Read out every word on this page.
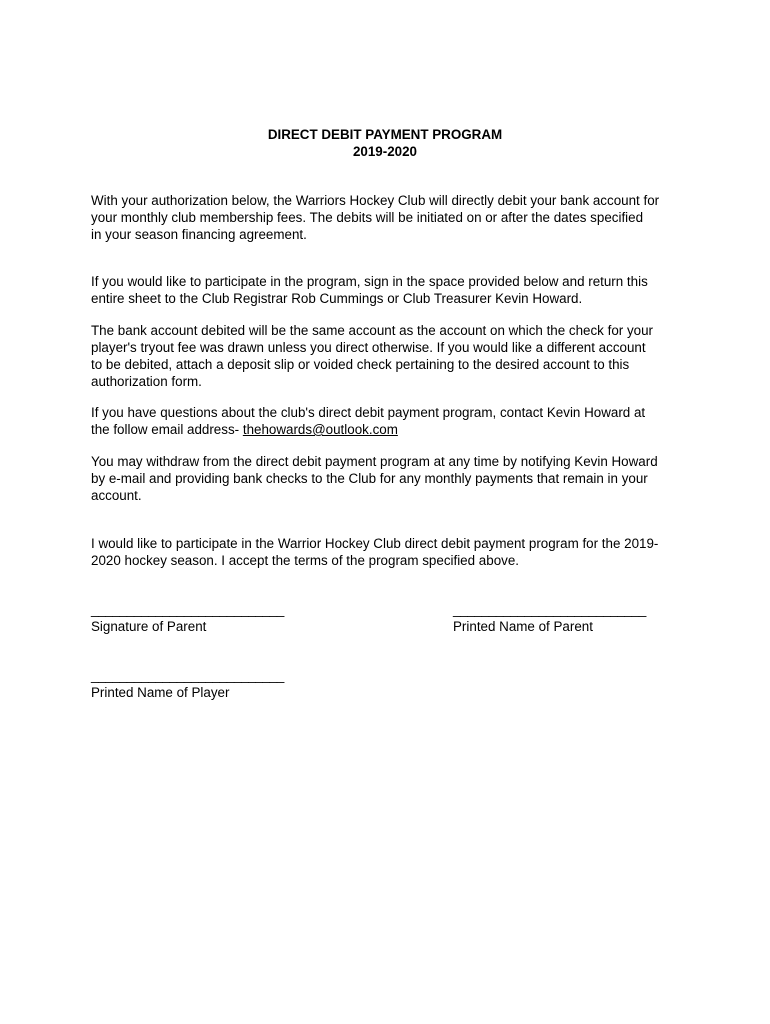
DIRECT DEBIT PAYMENT PROGRAM
2019-2020
With your authorization below, the Warriors Hockey Club will directly debit your bank account for
your monthly club membership fees. The debits will be initiated on or after the dates specified
in your season financing agreement.
If you would like to participate in the program, sign in the space provided below and return this
entire sheet to the Club Registrar Rob Cummings or Club Treasurer Kevin Howard.
The bank account debited will be the same account as the account on which the check for your
player's tryout fee was drawn unless you direct otherwise. If you would like a different account
to be debited, attach a deposit slip or voided check pertaining to the desired account to this
authorization form.
If you have questions about the club's direct debit payment program, contact Kevin Howard at
the follow email address- thehowards@outlook.com
You may withdraw from the direct debit payment program at any time by notifying Kevin Howard
by e-mail and providing bank checks to the Club for any monthly payments that remain in your
account.
I would like to participate in the Warrior Hockey Club direct debit payment program for the 2019-
2020 hockey season. I accept the terms of the program specified above.
___________________________
Signature of Parent
___________________________
Printed Name of Parent
___________________________
Printed Name of Player
